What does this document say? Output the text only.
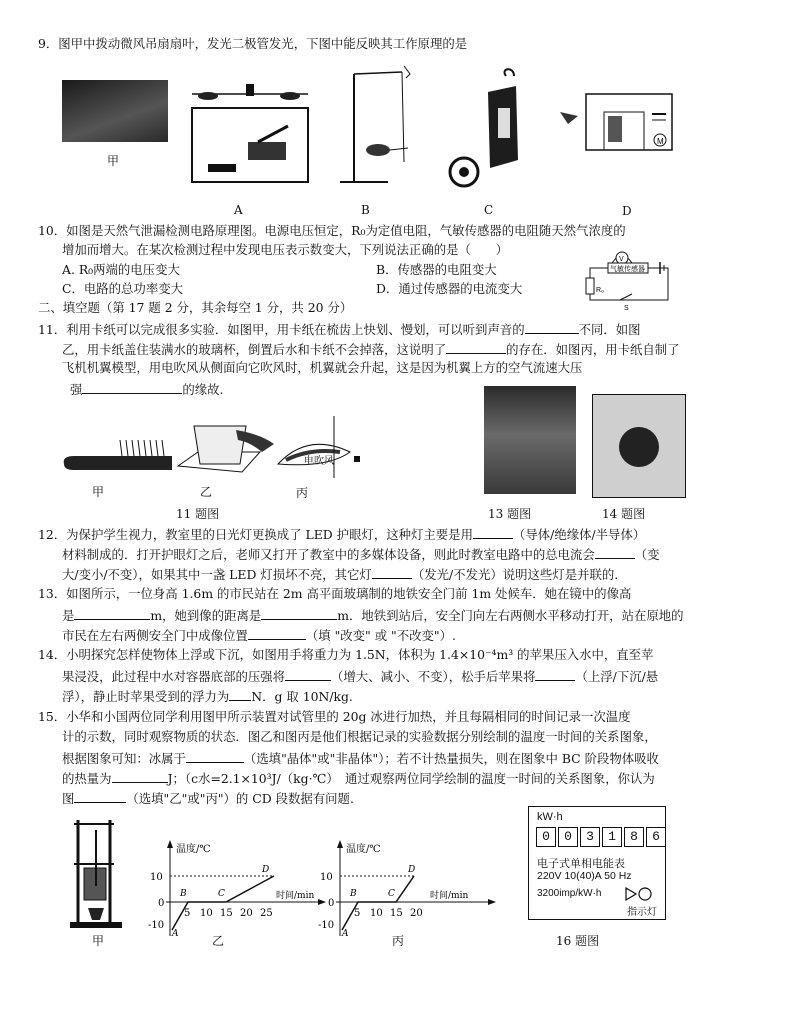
9．图甲中拨动微风吊扇扇叶，发光二极管发光，下图中能反映其工作原理的是
M
甲
A	B	C	D
10．如图是天然气泄漏检测电路原理图。电源电压恒定，R₀为定值电阻，气敏传感器的电阻随天然气浓度的
增加而增大。在某次检测过程中发现电压表示数变大，下列说法正确的是（　　）
A. R₀两端的电压变大	B．传感器的电阻变大
C．电路的总功率变大	D．通过传感器的电流变大
V
R₀
气敏传感器
S
二、填空题（第 17 题 2 分，其余每空 1 分，共 20 分）
11．利用卡纸可以完成很多实验．如图甲，用卡纸在梳齿上快划、慢划，可以听到声音的	不同．如图
乙，用卡纸盖住装满水的玻璃杯，倒置后水和卡纸不会掉落，这说明了	的存在．如图丙，用卡纸自制了
飞机机翼模型，用电吹风从侧面向它吹风时，机翼就会升起，这是因为机翼上方的空气流速大压
强	的缘故.
电吹风
甲	乙	丙
11 题图	13 题图	14 题图
12．为保护学生视力，教室里的日光灯更换成了 LED 护眼灯，这种灯主要是用	（导体/绝缘体/半导体）
材料制成的．打开护眼灯之后，老师又打开了教室中的多媒体设备，则此时教室电路中的总电流会	（变
大/变小/不变），如果其中一盏 LED 灯损坏不亮，其它灯	（发光/不发光）说明这些灯是并联的.
13．如图所示，一位身高 1.6m 的市民站在 2m 高平面玻璃制的地铁安全门前 1m 处候车．她在镜中的像高
是	m，她到像的距离是	m．地铁到站后，安全门向左右两侧水平移动打开，站在原地的
市民在左右两侧安全门中成像位置	（填 "改变" 或 "不改变"）.
14．小明探究怎样使物体上浮或下沉，如图用手将重力为 1.5N，体积为 1.4×10⁻⁴m³ 的苹果压入水中，直至苹
果浸没，此过程中水对容器底部的压强将	（增大、减小、不变），松手后苹果将	（上浮/下沉/悬
浮），静止时苹果受到的浮力为 N．g 取 10N/kg.
15．小华和小国两位同学利用图甲所示装置对试管里的 20g 冰进行加热，并且每隔相同的时间记录一次温度
计的示数，同时观察物质的状态．图乙和图丙是他们根据记录的实验数据分别绘制的温度一时间的关系图象，
根据图象可知：冰属于	（选填"晶体"或"非晶体"）；若不计热量损失，则在图象中 BC 阶段物体吸收
的热量为	J；（c水=2.1×10³J/（kg·℃）　通过观察两位同学绘制的温度一时间的关系图象，你认为
图	（选填"乙"或"丙"）的 CD 段数据有问题.
温度/℃
时间/min
10
0
-10
5 10 15 20 25
A
B	C
D
温度/℃
时间/min
10
0
-10
5 10 15 20
A
B	C
D
甲	乙	丙
kW·h
0	0	3	1	8	6
电子式单相电能表
220V 10(40)A 50 Hz
3200imp/kW·h
指示灯
16 题图
